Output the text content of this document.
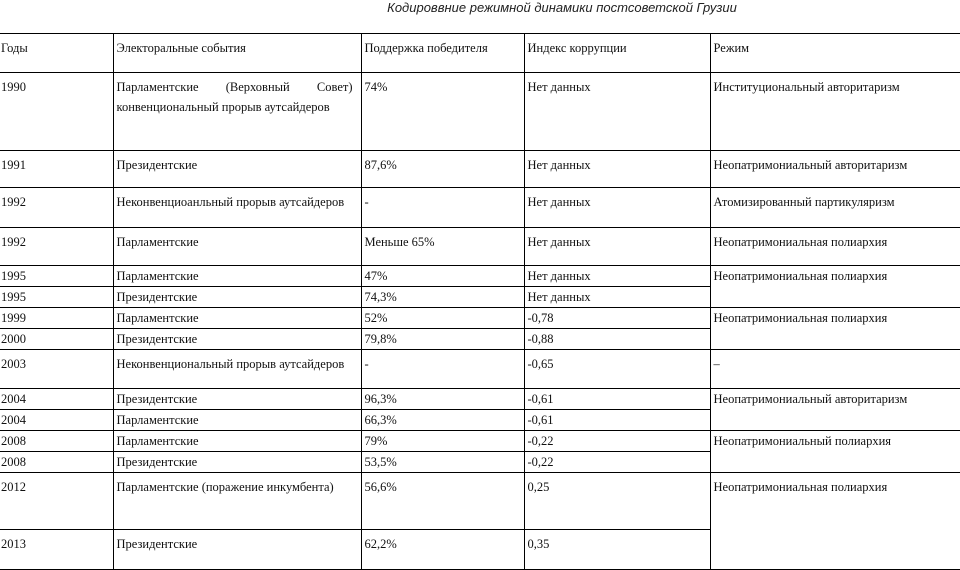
Кодироввние режимной динамики постсоветской Грузии
Годы	Электоральные события	Поддержка победителя	Индекс коррупции	Режим
1990	Парламентские (Верховный Совет) конвенциональный прорыв аутсайдеров	74%	Нет данных	Институциональный авторитаризм
1991	Президентские	87,6%	Нет данных	Неопатримониальный авторитаризм
1992	Неконвенциоанльный прорыв аутсайдеров	-	Нет данных	Атомизированный партикуляризм
1992	Парламентские	Меньше 65%	Нет данных	Неопатримониальная полиархия
1995	Парламентские	47%	Нет данных	Неопатримониальная полиархия
1995	Президентские	74,3%	Нет данных	
1999	Парламентские	52%	-0,78	Неопатримониальная полиархия
2000	Президентские	79,8%	-0,88	
2003	Неконвенциональный прорыв аутсайдеров	-	-0,65	–
2004	Президентские	96,3%	-0,61	Неопатримониальный авторитаризм
2004	Парламентские	66,3%	-0,61	
2008	Парламентские	79%	-0,22	Неопатримониальный полиархия
2008	Президентские	53,5%	-0,22	
2012	Парламентские (поражение инкумбента)	56,6%	0,25	Неопатримониальная полиархия
2013	Президентские	62,2%	0,35	
